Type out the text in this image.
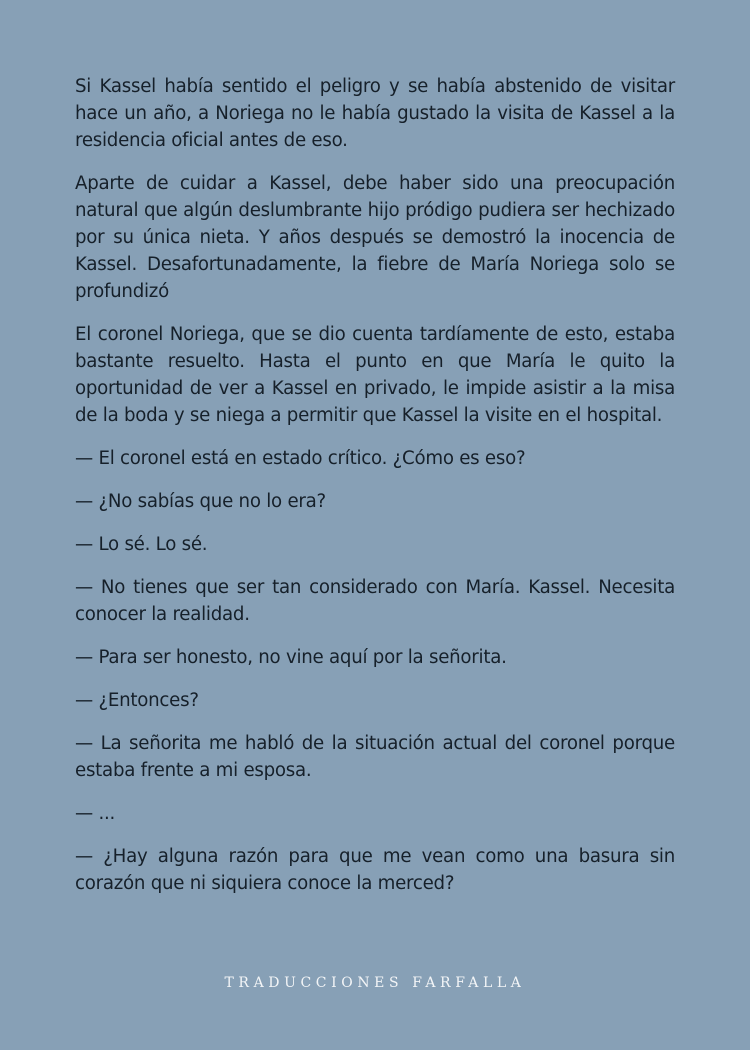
Si Kassel había sentido el peligro y se había abstenido de visitar hace un año, a Noriega no le había gustado la visita de Kassel a la residencia oficial antes de eso.

Aparte de cuidar a Kassel, debe haber sido una preocupación natural que algún deslumbrante hijo pródigo pudiera ser hechizado por su única nieta. Y años después se demostró la inocencia de Kassel. Desafortunadamente, la fiebre de María Noriega solo se profundizó

El coronel Noriega, que se dio cuenta tardíamente de esto, estaba bastante resuelto. Hasta el punto en que María le quito la oportunidad de ver a Kassel en privado, le impide asistir a la misa de la boda y se niega a permitir que Kassel la visite en el hospital.

— El coronel está en estado crítico. ¿Cómo es eso?

— ¿No sabías que no lo era?

— Lo sé. Lo sé.

— No tienes que ser tan considerado con María. Kassel. Necesita conocer la realidad.

— Para ser honesto, no vine aquí por la señorita.

— ¿Entonces?

— La señorita me habló de la situación actual del coronel porque estaba frente a mi esposa.

— ...

— ¿Hay alguna razón para que me vean como una basura sin corazón que ni siquiera conoce la merced?

TRADUCCIONES FARFALLA
